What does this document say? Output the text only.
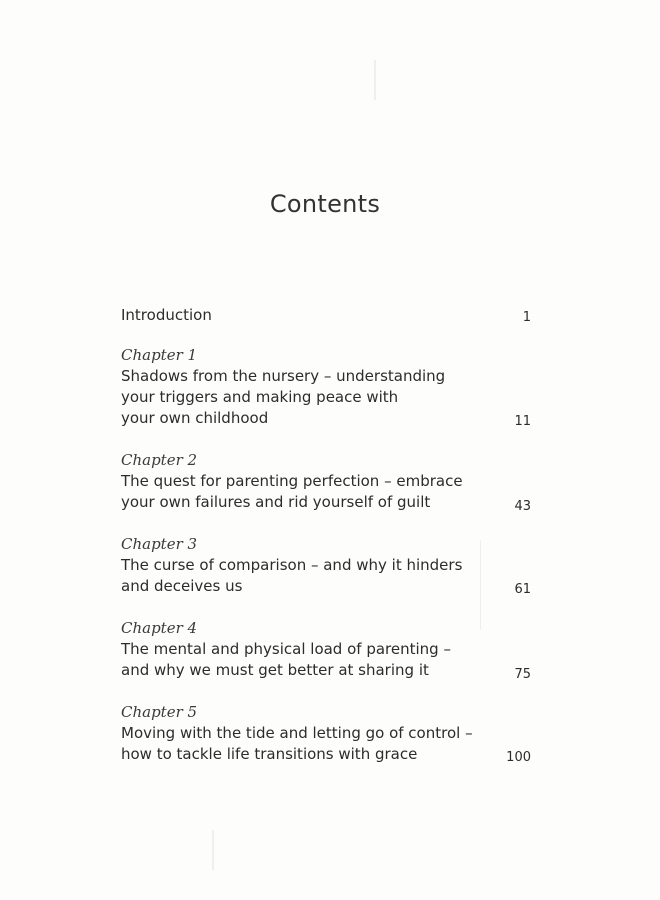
Contents
Introduction	1
Chapter 1
Shadows from the nursery – understanding
your triggers and making peace with
your own childhood	11
Chapter 2
The quest for parenting perfection – embrace
your own failures and rid yourself of guilt	43
Chapter 3
The curse of comparison – and why it hinders
and deceives us	61
Chapter 4
The mental and physical load of parenting –
and why we must get better at sharing it	75
Chapter 5
Moving with the tide and letting go of control –
how to tackle life transitions with grace	100
